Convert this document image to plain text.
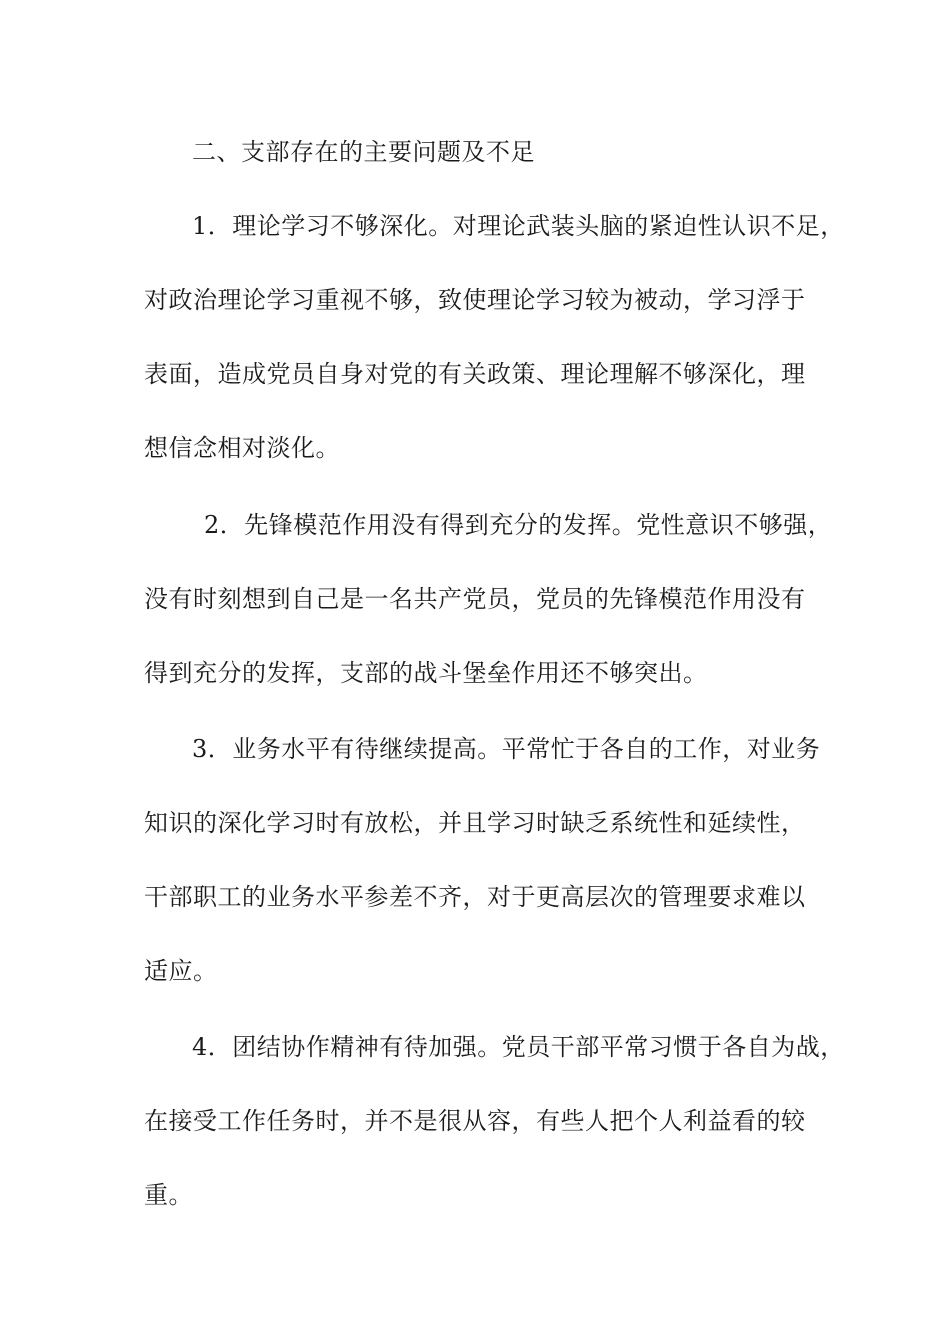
二、支部存在的主要问题及不足
1．理论学习不够深化。对理论武装头脑的紧迫性认识不足，
对政治理论学习重视不够，致使理论学习较为被动，学习浮于
表面，造成党员自身对党的有关政策、理论理解不够深化，理
想信念相对淡化。
2．先锋模范作用没有得到充分的发挥。党性意识不够强，
没有时刻想到自己是一名共产党员，党员的先锋模范作用没有
得到充分的发挥，支部的战斗堡垒作用还不够突出。
3．业务水平有待继续提高。平常忙于各自的工作，对业务
知识的深化学习时有放松，并且学习时缺乏系统性和延续性，
干部职工的业务水平参差不齐，对于更高层次的管理要求难以
适应。
4．团结协作精神有待加强。党员干部平常习惯于各自为战，
在接受工作任务时，并不是很从容，有些人把个人利益看的较
重。
